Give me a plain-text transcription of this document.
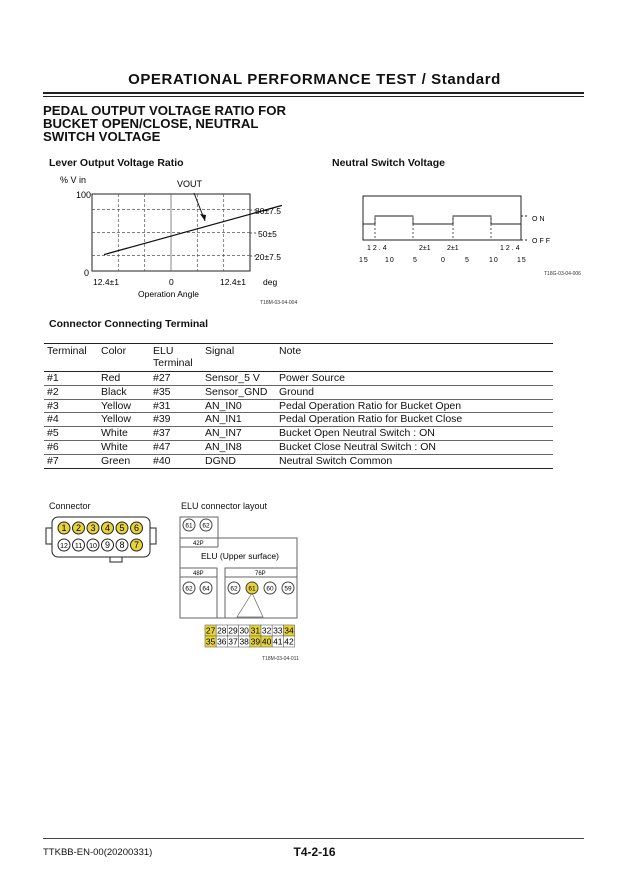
OPERATIONAL PERFORMANCE TEST / Standard
PEDAL OUTPUT VOLTAGE RATIO FOR
BUCKET OPEN/CLOSE, NEUTRAL
SWITCH VOLTAGE
Lever Output Voltage Ratio
% V in
100
0
VOUT
80±7.5
50±5
20±7.5
12.4±1	0	12.4±1 deg
Operation Angle
T18M-03-04-004
Neutral Switch Voltage
ON
OFF
12.4	2±1 2±1	12.4
15 10	5	0	5	10	15
T18G-03-04-006
Connector Connecting Terminal
Terminal	Color	ELU Terminal	Signal	Note
#1	Red	#27	Sensor_5 V	Power Source
#2	Black	#35	Sensor_GND	Ground
#3	Yellow	#31	AN_IN0	Pedal Operation Ratio for Bucket Open
#4	Yellow	#39	AN_IN1	Pedal Operation Ratio for Bucket Close
#5	White	#37	AN_IN7	Bucket Open Neutral Switch : ON
#6	White	#47	AN_IN8	Bucket Close Neutral Switch : ON
#7	Green	#40	DGND	Neutral Switch Common
Connector
1 2 3 4 5 6
12 11 10 9 8 7
ELU connector layout
61 62
42P
ELU (Upper surface)
48P	76P
62 64	62 61 60 59
27 28 29 30 31 32 33 34
35 36 37 38 39 40 41 42
T18M-03-04-011
TTKBB-EN-00(20200331)	T4-2-16
